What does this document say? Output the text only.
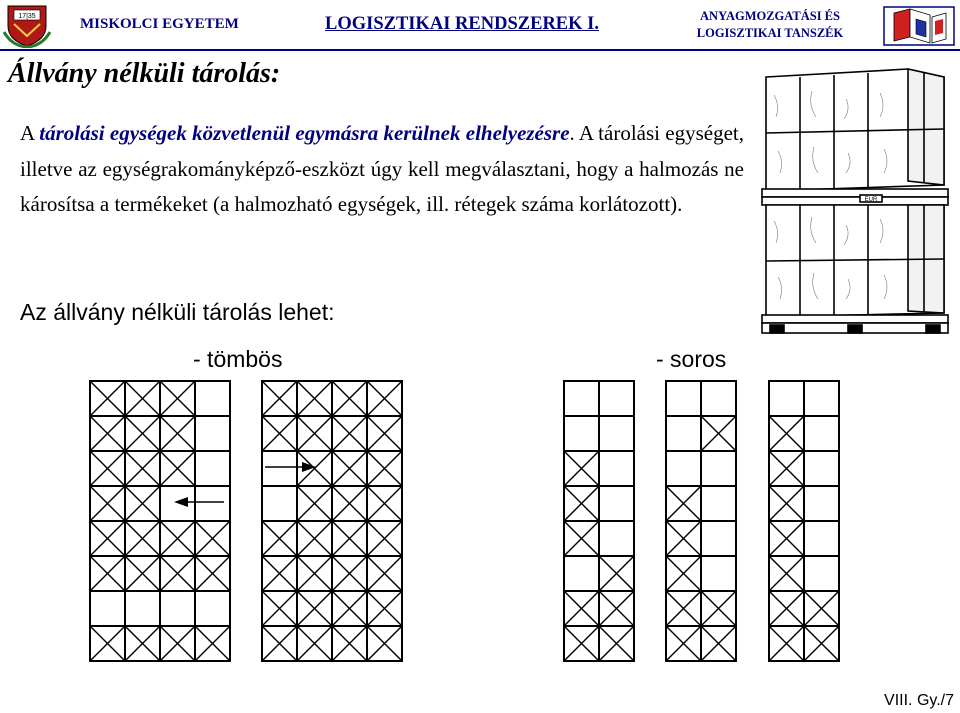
17|35	MISKOLCI EGYETEM	LOGISZTIKAI RENDSZEREK I.	ANYAGMOZGATÁSI ÉS
LOGISZTIKAI TANSZÉK
Állvány nélküli tárolás:
A tárolási egységek közvetlenül egymásra kerülnek elhelyezésre. A tárolási egységet, illetve az egységrakományképző-eszközt úgy kell megválasztani, hogy a halmozás ne károsítsa a termékeket (a halmozható egységek, ill. rétegek száma korlátozott).
Az állvány nélküli tárolás lehet:
- tömbös	- soros
EUR
VIII. Gy./7
